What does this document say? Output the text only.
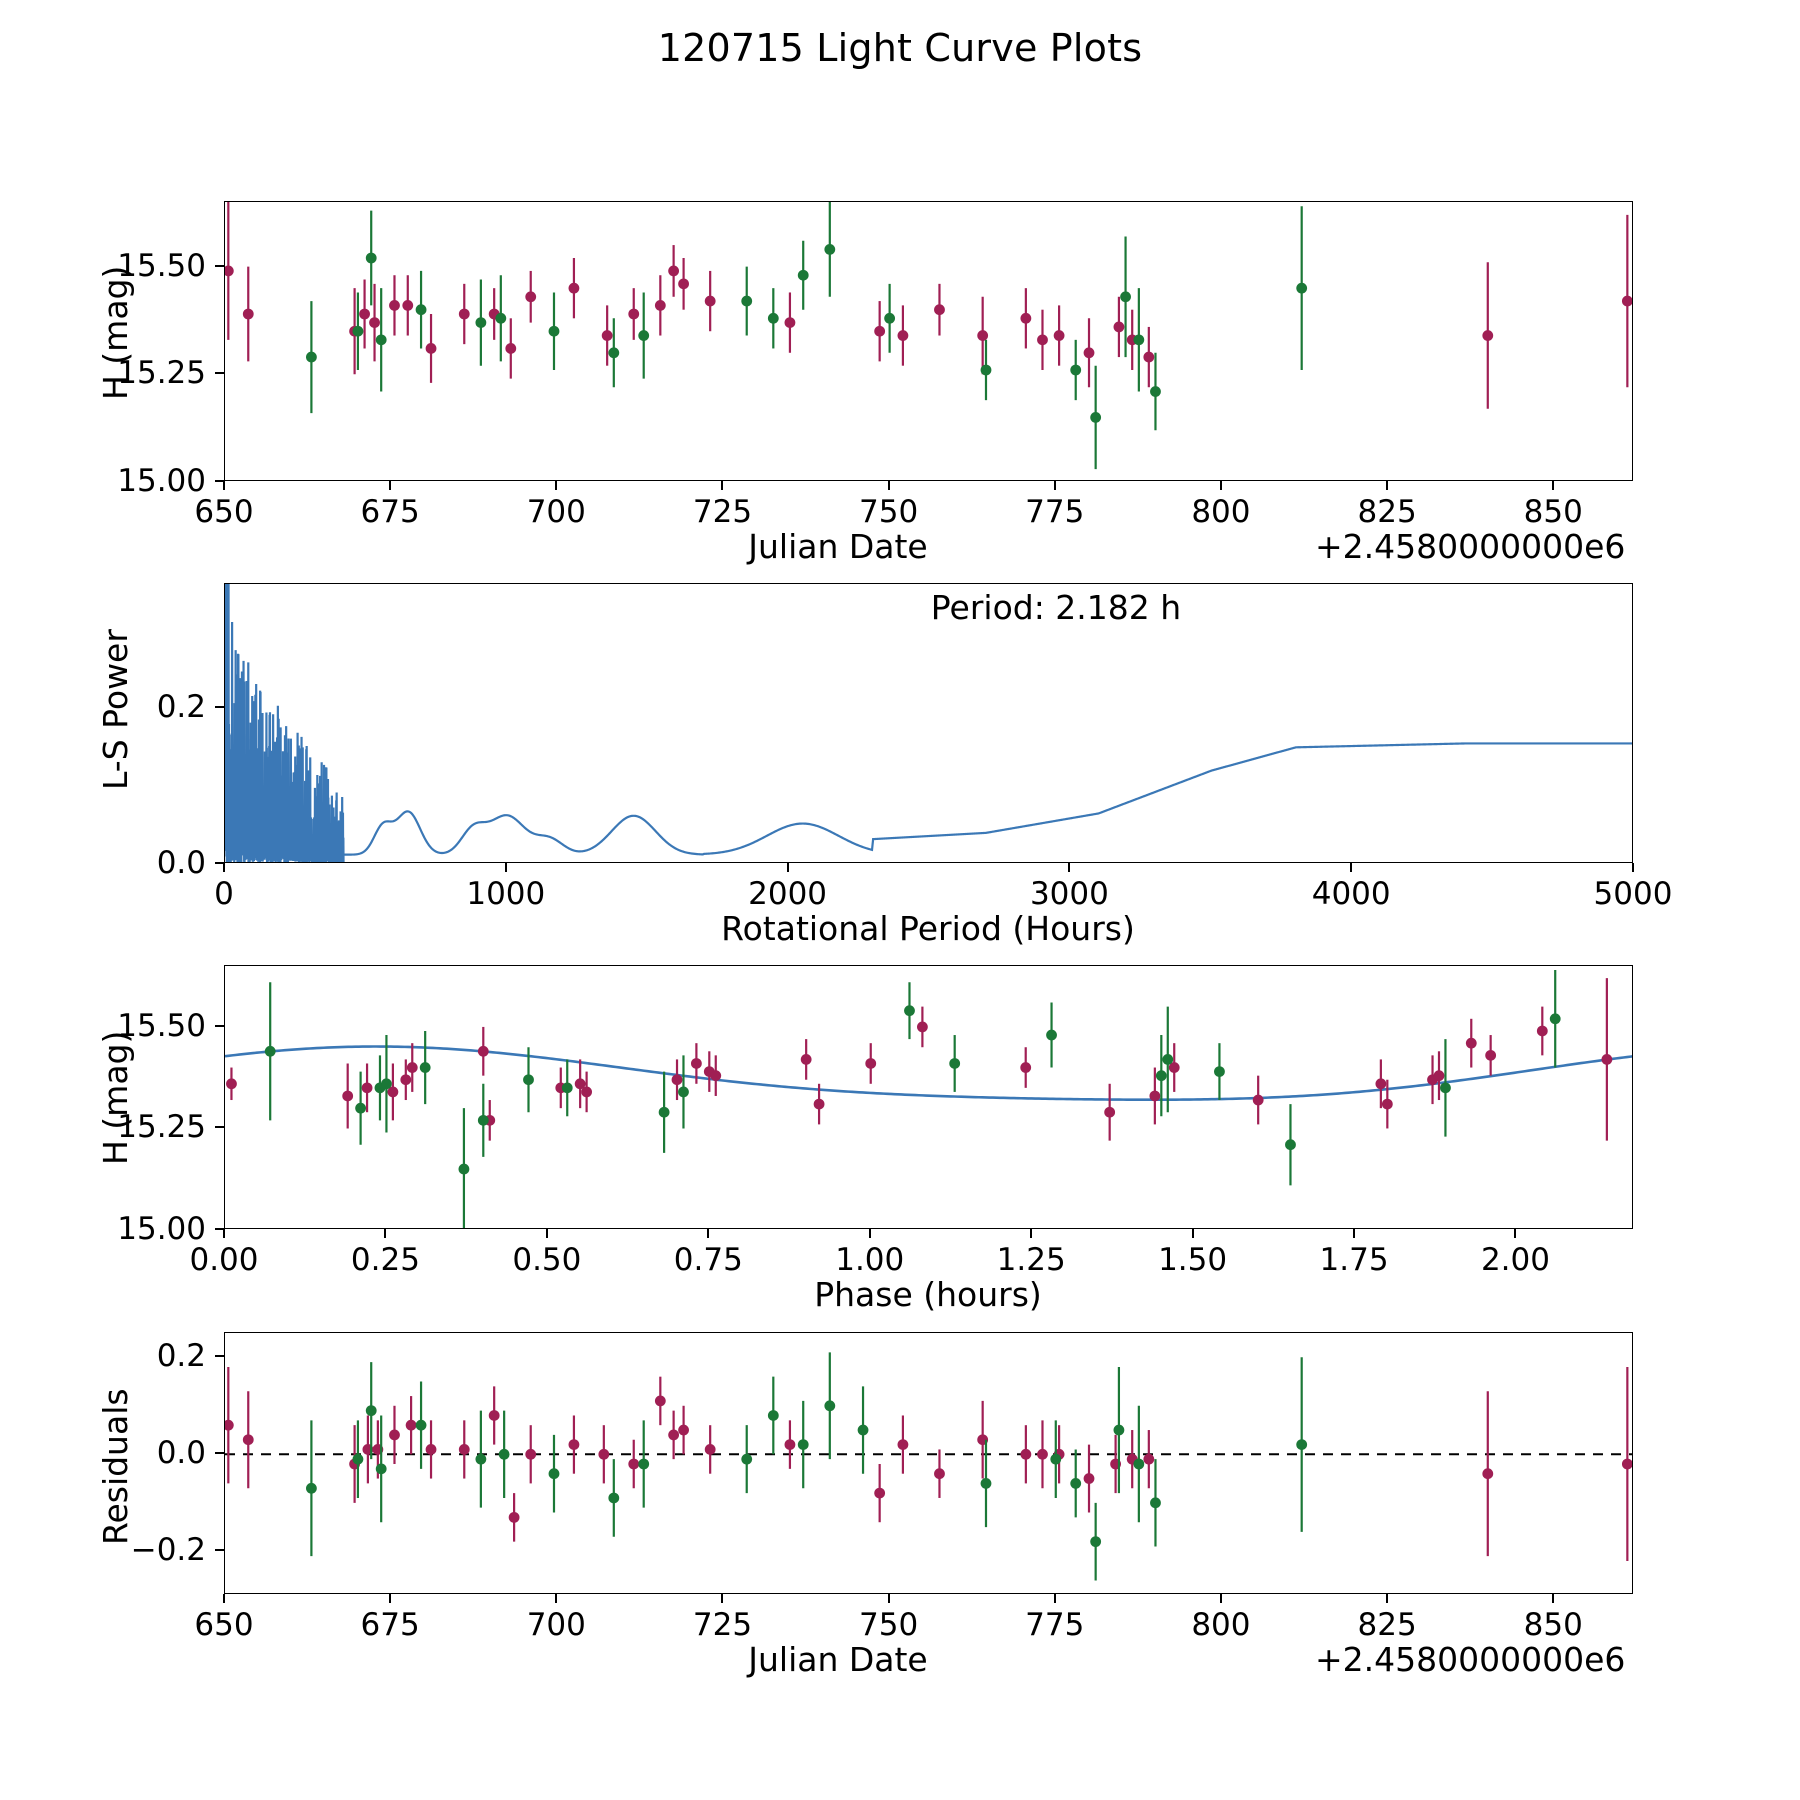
120715 Light Curve Plots
650	675	700	725	750	775	800	825	850
15.00
15.25
15.50
Julian Date	+2.4580000000e6
H (mag)
Period: 2.182 h
0	1000	2000	3000	4000	5000
0.0
0.2
Rotational Period (Hours)
L-S Power
0.00	0.25	0.50	0.75	1.00	1.25	1.50	1.75	2.00
15.00
15.25
15.50
Phase (hours)
H (mag)
650	675	700	725	750	775	800	825	850
−0.2
0.0
0.2
Julian Date	+2.4580000000e6
Residuals
